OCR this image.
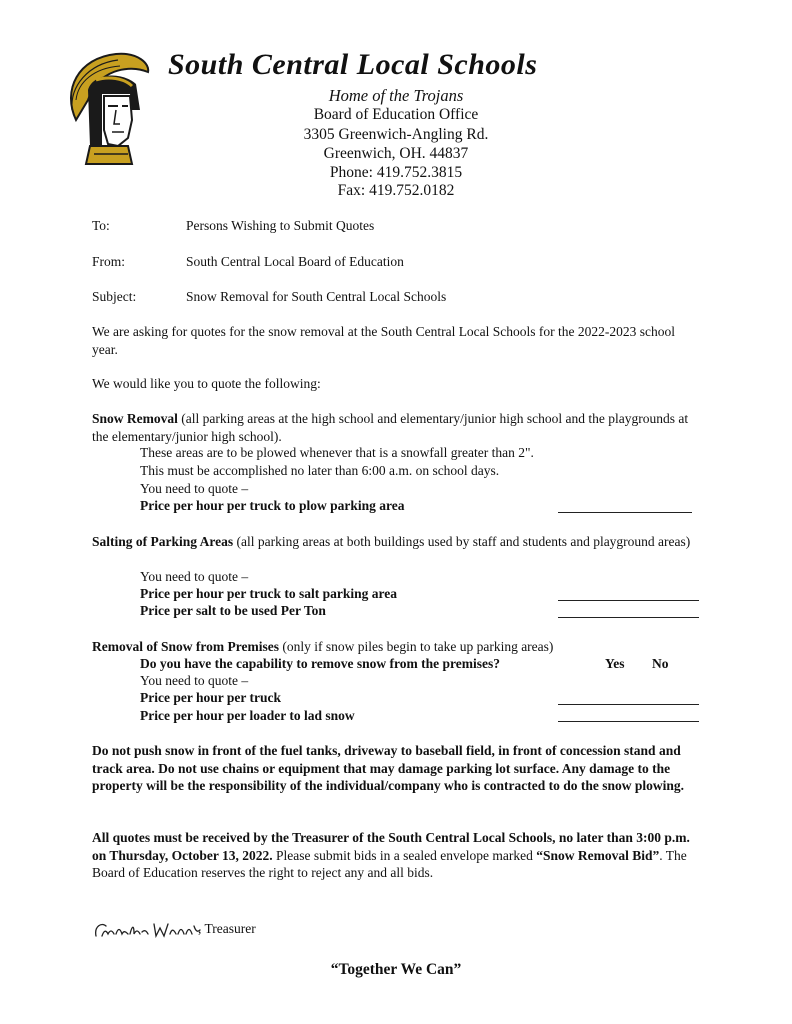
South Central Local Schools
Home of the Trojans
Board of Education Office
3305 Greenwich-Angling Rd.
Greenwich, OH. 44837
Phone: 419.752.3815
Fax: 419.752.0182
To:	Persons Wishing to Submit Quotes
From:	South Central Local Board of Education
Subject:	Snow Removal for South Central Local Schools
We are asking for quotes for the snow removal at the South Central Local Schools for the 2022-2023 school year.
We would like you to quote the following:
Snow Removal (all parking areas at the high school and elementary/junior high school and the playgrounds at the elementary/junior high school).
These areas are to be plowed whenever that is a snowfall greater than 2".
This must be accomplished no later than 6:00 a.m. on school days.
You need to quote –
Price per hour per truck to plow parking area
Salting of Parking Areas (all parking areas at both buildings used by staff and students and playground areas)
You need to quote –
Price per hour per truck to salt parking area
Price per salt to be used Per Ton
Removal of Snow from Premises (only if snow piles begin to take up parking areas)
Do you have the capability to remove snow from the premises?	Yes No
You need to quote –
Price per hour per truck
Price per hour per loader to lad snow
Do not push snow in front of the fuel tanks, driveway to baseball field, in front of concession stand and track area. Do not use chains or equipment that may damage parking lot surface. Any damage to the property will be the responsibility of the individual/company who is contracted to do the snow plowing.
All quotes must be received by the Treasurer of the South Central Local Schools, no later than 3:00 p.m. on Thursday, October 13, 2022. Please submit bids in a sealed envelope marked “Snow Removal Bid”. The Board of Education reserves the right to reject any and all bids.
, Treasurer
“Together We Can”
